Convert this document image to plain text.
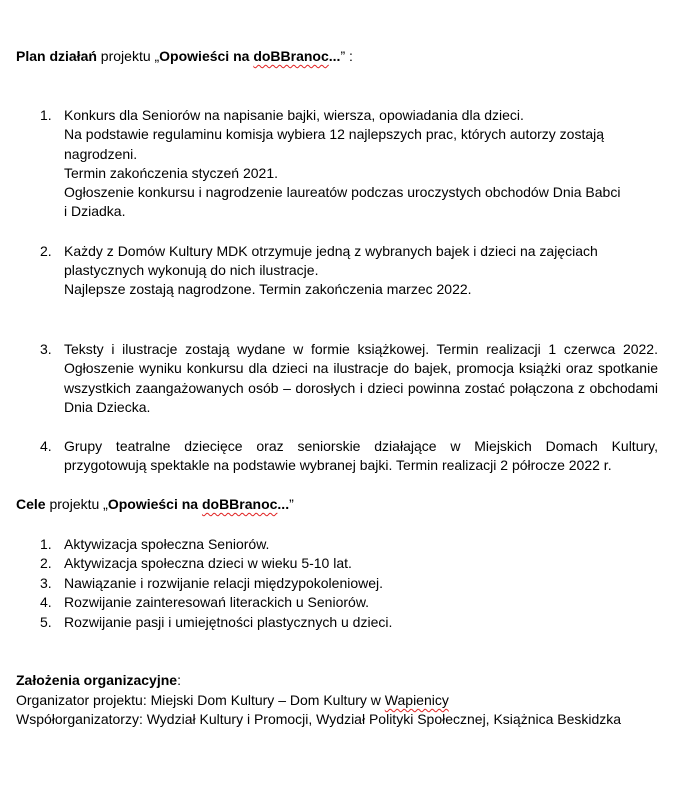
Plan działań projektu „Opowieści na doBBranoc...” :
1. Konkurs dla Seniorów na napisanie bajki, wiersza, opowiadania dla dzieci.
Na podstawie regulaminu komisja wybiera 12 najlepszych prac, których autorzy zostają
nagrodzeni.
Termin zakończenia styczeń 2021.
Ogłoszenie konkursu i nagrodzenie laureatów podczas uroczystych obchodów Dnia Babci
i Dziadka.
2. Każdy z Domów Kultury MDK otrzymuje jedną z wybranych bajek i dzieci na zajęciach
plastycznych wykonują do nich ilustracje.
Najlepsze zostają nagrodzone. Termin zakończenia marzec 2022.
3. Teksty i ilustracje zostają wydane w formie książkowej. Termin realizacji 1 czerwca 2022.
Ogłoszenie wyniku konkursu dla dzieci na ilustracje do bajek, promocja książki oraz spotkanie
wszystkich zaangażowanych osób – dorosłych i dzieci powinna zostać połączona z obchodami
Dnia Dziecka.
4. Grupy teatralne dziecięce oraz seniorskie działające w Miejskich Domach Kultury,
przygotowują spektakle na podstawie wybranej bajki. Termin realizacji 2 półrocze 2022 r.
Cele projektu „Opowieści na doBBranoc...”
1. Aktywizacja społeczna Seniorów.
2. Aktywizacja społeczna dzieci w wieku 5-10 lat.
3. Nawiązanie i rozwijanie relacji międzypokoleniowej.
4. Rozwijanie zainteresowań literackich u Seniorów.
5. Rozwijanie pasji i umiejętności plastycznych u dzieci.
Założenia organizacyjne:
Organizator projektu: Miejski Dom Kultury – Dom Kultury w Wapienicy
Współorganizatorzy: Wydział Kultury i Promocji, Wydział Polityki Społecznej, Książnica Beskidzka
